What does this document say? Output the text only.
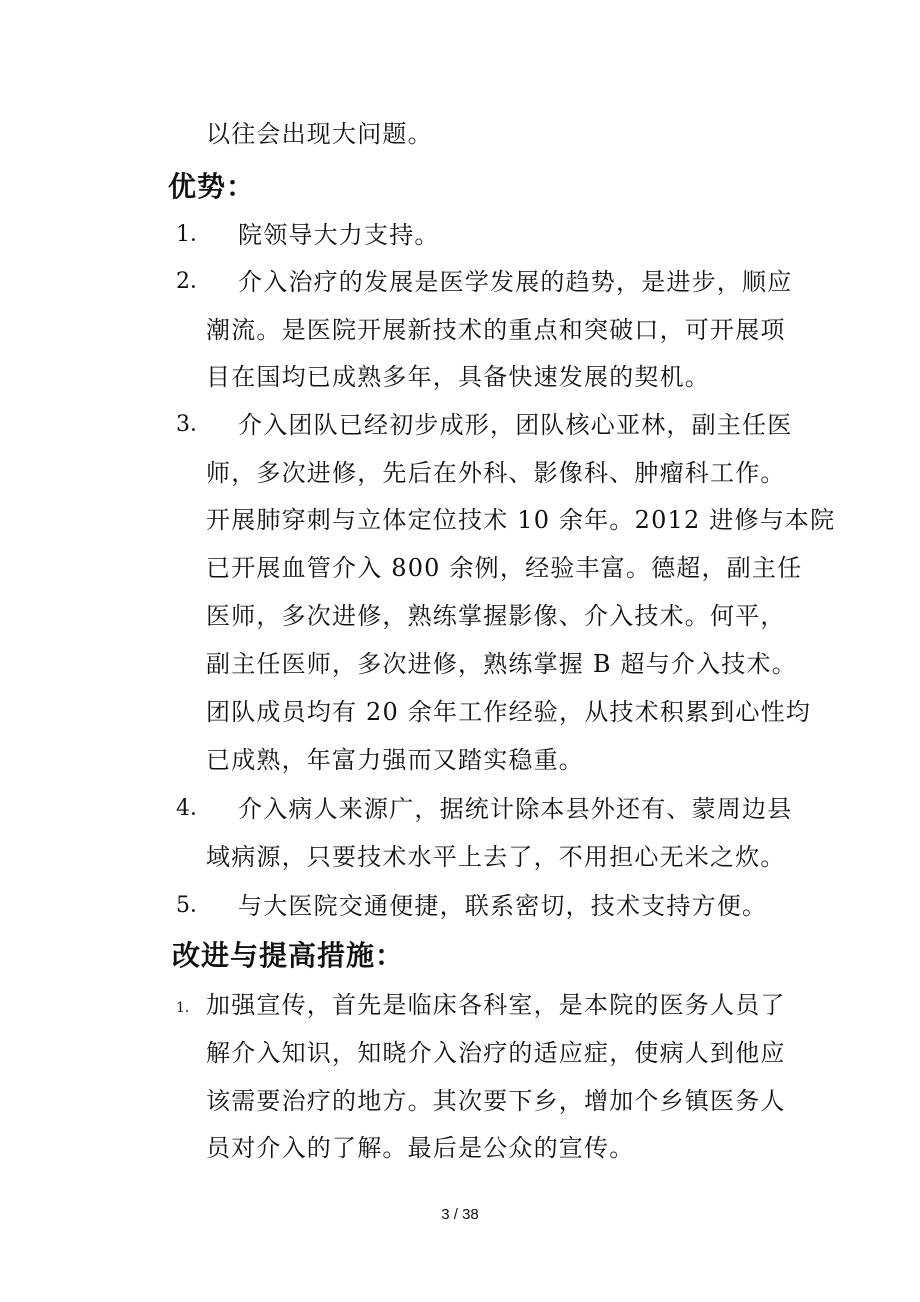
以往会出现大问题。
优势：
1． 院领导大力支持。
2． 介入治疗的发展是医学发展的趋势，是进步，顺应
潮流。是医院开展新技术的重点和突破口，可开展项
目在国均已成熟多年，具备快速发展的契机。
3． 介入团队已经初步成形，团队核心亚林，副主任医
师，多次进修，先后在外科、影像科、肿瘤科工作。
开展肺穿刺与立体定位技术 10 余年。2012 进修与本院
已开展血管介入 800 余例，经验丰富。德超，副主任
医师，多次进修，熟练掌握影像、介入技术。何平，
副主任医师，多次进修，熟练掌握 B 超与介入技术。
团队成员均有 20 余年工作经验，从技术积累到心性均
已成熟，年富力强而又踏实稳重。
4． 介入病人来源广，据统计除本县外还有、蒙周边县
域病源，只要技术水平上去了，不用担心无米之炊。
5． 与大医院交通便捷，联系密切，技术支持方便。
改进与提高措施：
1． 加强宣传，首先是临床各科室，是本院的医务人员了
解介入知识，知晓介入治疗的适应症，使病人到他应
该需要治疗的地方。其次要下乡，增加个乡镇医务人
员对介入的了解。最后是公众的宣传。
3 / 38
